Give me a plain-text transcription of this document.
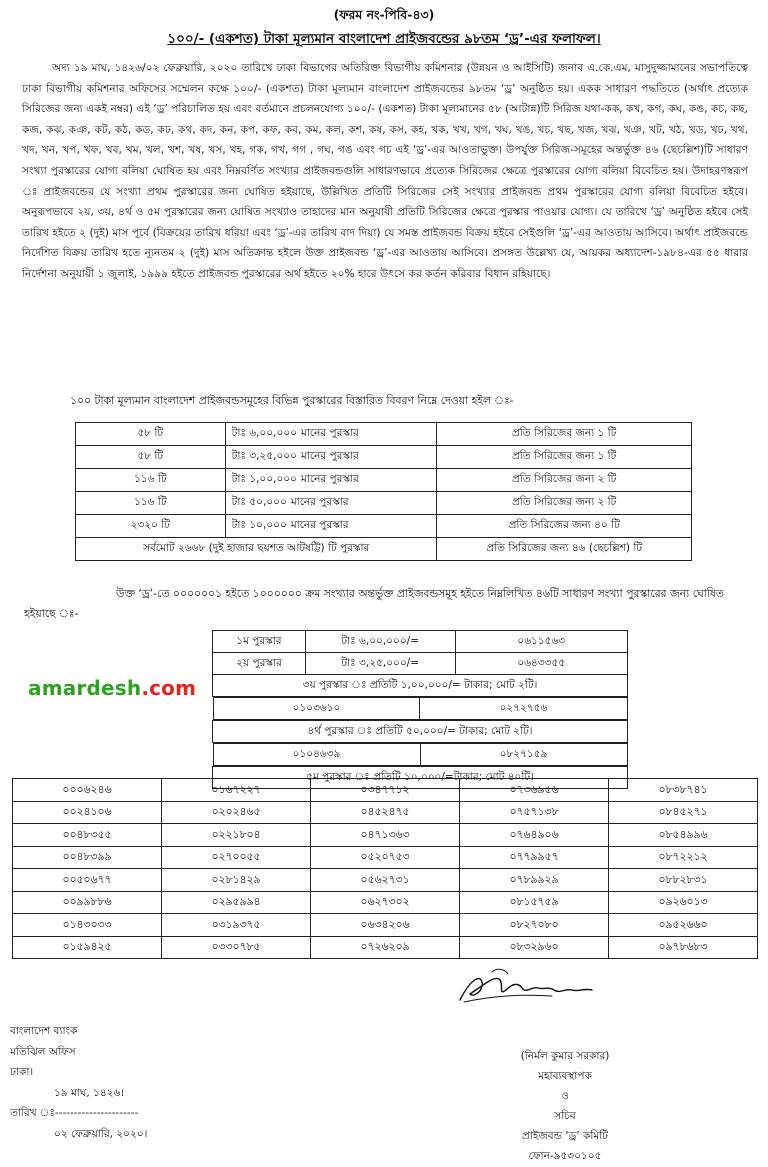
(ফরম নং-পিবি-৪৩)
১০০/- (একশত) টাকা মূল্যমান বাংলাদেশ প্রাইজবন্ডের ৯৮তম ‘ড্র’-এর ফলাফল।

অদ্য ১৯ মাঘ, ১৪২৬/০২ ফেব্রুয়ারি, ২০২০ তারিখে ঢাকা বিভাগের অতিরিক্ত বিভাগীয় কমিশনার (উন্নয়ন ও আইসিটি) জনাব এ.কে.এম, মাসুদুজ্জামানের সভাপতিত্বে ঢাকা বিভাগীয় কমিশনার অফিসের সম্মেলন কক্ষে ১০০/- (একশত) টাকা মূল্যমান বাংলাদেশ প্রাইজবন্ডের ৯৮তম ‘ড্র’ অনুষ্ঠিত হয়। একক সাধারণ পদ্ধতিতে (অর্থাৎ প্রত্যেক সিরিজের জন্য একই নম্বর) এই ‘ড্র’ পরিচালিত হয় এবং বর্তমানে প্রচলনযোগ্য ১০০/- (একশত) টাকা মূল্যমানের ৫৮ (আটান্ন)টি সিরিজ যথা-কক, কখ, কগ, কঘ, কঙ, কচ, কছ, কজ, কঝ, কঞ, কট, কঠ, কড, কঢ, কথ, কদ, কন, কপ, কফ, কব, কম, কল, কশ, কষ, কস, কহ, খক, খখ, খগ, খঘ, খঙ, খচ, খছ, খজ, খঝ, খঞ, খট, খঠ, খড, খঢ, খথ, খদ, খন, খপ, খফ, খব, খম, খল, খশ, খষ, খস, খহ, গক, গখ, গগ , গঘ, গঙ এবং গচ এই ‘ড্র’-এর আওতাভুক্ত। উপর্যুক্ত সিরিজ-সমূহের অন্তর্ভুক্ত ৪৬ (ছেচল্লিশ)টি সাধারণ সংখ্যা পুরস্কারের যোগ্য বলিয়া ঘোষিত হয় এবং নিম্নবর্ণিত সংখ্যার প্রাইজবন্ডগুলি সাধারণভাবে প্রত্যেক সিরিজের ক্ষেত্রে পুরস্কারের যোগ্য বলিয়া বিবেচিত হয়। উদাহরণস্বরূপ ঃ প্রাইজবন্ডের যে সংখ্যা প্রথম পুরস্কারের জন্য ঘোষিত হইয়াছে, উল্লিখিত প্রতিটি সিরিজের সেই সংখ্যার প্রাইজবন্ড প্রথম পুরস্কারের যোগ্য বলিয়া বিবেচিত হইবে। অনুরূপভাবে ২য়, ৩য়, ৪র্থ ও ৫ম পুরস্কারের জন্য ঘোষিত সংখ্যাও তাহাদের মান অনুযায়ী প্রতিটি সিরিজের ক্ষেত্রে পুরস্কার পাওয়ার যোগ্য। যে তারিখে ‘ড্র’ অনুষ্ঠিত হইবে সেই তারিখ হইতে ২ (দুই) মাস পূর্বে (বিক্রয়ের তারিখ ধরিয়া এবং ‘ড্র’-এর তারিখ বাদ দিয়া) যে সমস্ত প্রাইজবন্ড বিক্রয় হইবে সেইগুলি ‘ড্র’-এর আওতায় আসিবে। অর্থাৎ প্রাইজবন্ডে নির্দেশিত বিক্রয় তারিখ হতে ন্যূনতম ২ (দুই) মাস অতিক্রান্ত হইলে উক্ত প্রাইজবন্ড ‘ড্র’-এর আওতায় আসিবে। প্রসঙ্গত উল্লেখ্য যে, আয়কর অধ্যাদেশ-১৯৮৪-এর ৫৫ ধারার নির্দেশনা অনুযায়ী ১ জুলাই, ১৯৯৯ হইতে প্রাইজবন্ড পুরস্কারের অর্থ হইতে ২০% হারে উৎসে কর কর্তন করিবার বিধান রহিয়াছে।

১০০ টাকা মূল্যমান বাংলাদেশ প্রাইজবন্ডসমূহের বিভিন্ন পুরস্কারের বিস্তারিত বিবরণ নিম্নে দেওয়া হইল ঃ-
৫৮ টি	টাঃ ৬,০০,০০০ মানের পুরস্কার	প্রতি সিরিজের জন্য ১ টি
৫৮ টি	টাঃ ৩,২৫,০০০ মানের পুরস্কার	প্রতি সিরিজের জন্য ১ টি
১১৬ টি	টাঃ ১,০০,০০০ মানের পুরস্কার	প্রতি সিরিজের জন্য ২ টি
১১৬ টি	টাঃ ৫০,০০০ মানের পুরস্কার	প্রতি সিরিজের জন্য ২ টি
২৩২০ টি	টাঃ ১০,০০০ মানের পুরস্কার	প্রতি সিরিজের জন্য ৪০ টি
সর্বমোট ২৬৬৮ (দুই হাজার ছয়শত আটষট্টি) টি পুরস্কার		প্রতি সিরিজের জন্য ৪৬ (ছেচল্লিশ) টি

উক্ত ‘ড্র’-তে ০০০০০০১ হইতে ১০০০০০০ ক্রম সংখ্যার অন্তর্ভুক্ত প্রাইজবন্ডসমূহ হইতে নিম্নলিখিত ৪৬টি সাধারণ সংখ্যা পুরস্কারের জন্য ঘোষিত হইয়াছে ঃ-

amardesh.com
১ম পুরস্কার	টাঃ ৬,০০,০০০/=	০৬১১৫৬৩
২য় পুরস্কার	টাঃ ৩,২৫,০০০/=	০৬৪৩৩৫৫
৩য় পুরস্কার ঃ প্রতিটি ১,০০,০০০/= টাকার; মোট ২টি।

০১০৩৬১০	০২৭২৭৫৬

৪র্থ পুরস্কার ঃ প্রতিটি ৫০,০০০/= টাকার; মোট ২টি।

০১০৪৬৩৯	০৮২৭১৫৯

৫ম পুরস্কার ঃ প্রতিটি ১০,০০০/=টাকার; মোট ৪০টি।
০০০৬২৪৬	০১৬৭২২৭	০৩৪৭৭১২	০৭৩৬৯৫৬	০৮৩৮৭৪১
০০২৪১০৬	০২০২৪৬৫	০৪৫২৪৭৫	০৭৫৭১৩৮	০৮৪৫২৭১
০০৪৮৩৫৫	০২২১৮০৪	০৪৭১৩৬৩	০৭৬৪৯০৬	০৮৫৪৯৯৬
০০৪৮৩৯৯	০২৭০০৫৫	০৫২০৭৫৩	০৭৭৯৯৫৭	০৮৭২২১২
০০৫০৬৭৭	০২৮১৪২৯	০৫৬২৭৩১	০৭৮৯৯২৯	০৮৮২৮৩১
০০৯৯৮৮৬	০২৯৫৯৯৪	০৬২৭৩০২	০৮১৫৭৫৯	০৯২৬০১৩
০১৪৩০৩৩	০৩১৯৩৭৫	০৬৩৪২০৬	০৮২৭০৮০	০৯৫২৬৬০
০১৫৯৪২৫	০৩৩০৭৮৫	০৭২৬২০৯	০৮৩২৯৬০	০৯৭৮৬৮৩
(নির্মল কুমার সরকার)
মহাব্যবস্থাপক
ও
সচিব
প্রাইজবন্ড ‘ড্র’ কমিটি
ফোন-৯৫৩০১০৫
বাংলাদেশ ব্যাংক
মতিঝিল অফিস
ঢাকা।
১৯ মাঘ, ১৪২৬।
তারিখ ঃ----------------------
০২ ফেব্রুয়ারি, ২০২০।
